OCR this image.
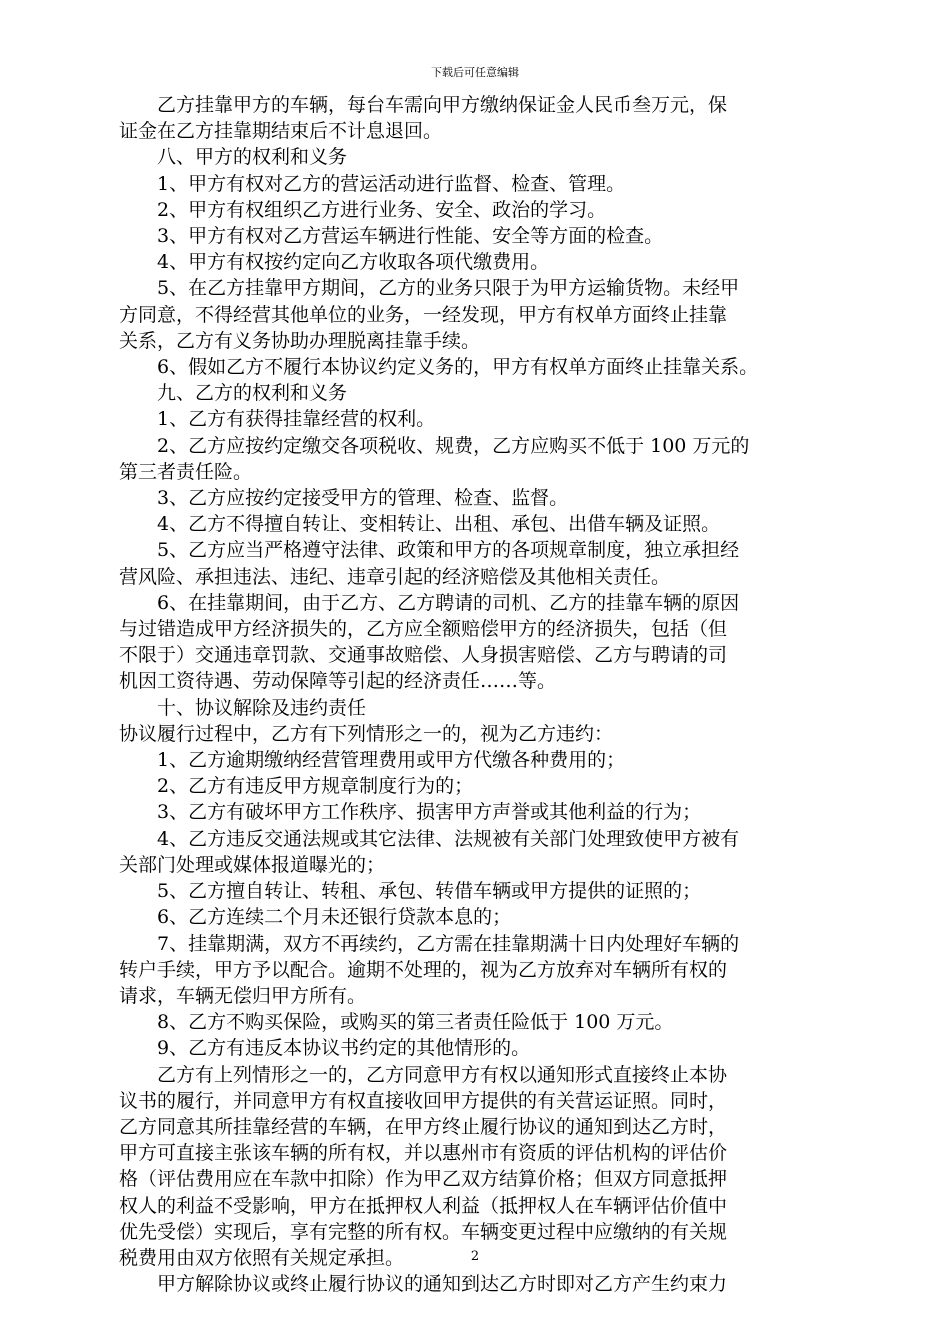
下载后可任意编辑

乙方挂靠甲方的车辆，每台车需向甲方缴纳保证金人民币叁万元，保

证金在乙方挂靠期结束后不计息退回。

八、甲方的权利和义务

1、甲方有权对乙方的营运活动进行监督、检查、管理。

2、甲方有权组织乙方进行业务、安全、政治的学习。

3、甲方有权对乙方营运车辆进行性能、安全等方面的检查。

4、甲方有权按约定向乙方收取各项代缴费用。

5、在乙方挂靠甲方期间，乙方的业务只限于为甲方运输货物。未经甲

方同意，不得经营其他单位的业务，一经发现，甲方有权单方面终止挂靠

关系，乙方有义务协助办理脱离挂靠手续。

6、假如乙方不履行本协议约定义务的，甲方有权单方面终止挂靠关系。

九、乙方的权利和义务

1、乙方有获得挂靠经营的权利。

2、乙方应按约定缴交各项税收、规费，乙方应购买不低于 100 万元的

第三者责任险。

3、乙方应按约定接受甲方的管理、检查、监督。

4、乙方不得擅自转让、变相转让、出租、承包、出借车辆及证照。

5、乙方应当严格遵守法律、政策和甲方的各项规章制度，独立承担经

营风险、承担违法、违纪、违章引起的经济赔偿及其他相关责任。

6、在挂靠期间，由于乙方、乙方聘请的司机、乙方的挂靠车辆的原因

与过错造成甲方经济损失的，乙方应全额赔偿甲方的经济损失，包括（但

不限于）交通违章罚款、交通事故赔偿、人身损害赔偿、乙方与聘请的司

机因工资待遇、劳动保障等引起的经济责任……等。

十、协议解除及违约责任

协议履行过程中，乙方有下列情形之一的，视为乙方违约：

1、乙方逾期缴纳经营管理费用或甲方代缴各种费用的；

2、乙方有违反甲方规章制度行为的；

3、乙方有破坏甲方工作秩序、损害甲方声誉或其他利益的行为；

4、乙方违反交通法规或其它法律、法规被有关部门处理致使甲方被有

关部门处理或媒体报道曝光的；

5、乙方擅自转让、转租、承包、转借车辆或甲方提供的证照的；

6、乙方连续二个月未还银行贷款本息的；

7、挂靠期满，双方不再续约，乙方需在挂靠期满十日内处理好车辆的

转户手续，甲方予以配合。逾期不处理的，视为乙方放弃对车辆所有权的

请求，车辆无偿归甲方所有。

8、乙方不购买保险，或购买的第三者责任险低于 100 万元。

9、乙方有违反本协议书约定的其他情形的。

乙方有上列情形之一的，乙方同意甲方有权以通知形式直接终止本协

议书的履行，并同意甲方有权直接收回甲方提供的有关营运证照。同时，

乙方同意其所挂靠经营的车辆，在甲方终止履行协议的通知到达乙方时，

甲方可直接主张该车辆的所有权，并以惠州市有资质的评估机构的评估价

格（评估费用应在车款中扣除）作为甲乙双方结算价格；但双方同意抵押

权人的利益不受影响，甲方在抵押权人利益（抵押权人在车辆评估价值中

优先受偿）实现后，享有完整的所有权。车辆变更过程中应缴纳的有关规

税费用由双方依照有关规定承担。

甲方解除协议或终止履行协议的通知到达乙方时即对乙方产生约束力

2
